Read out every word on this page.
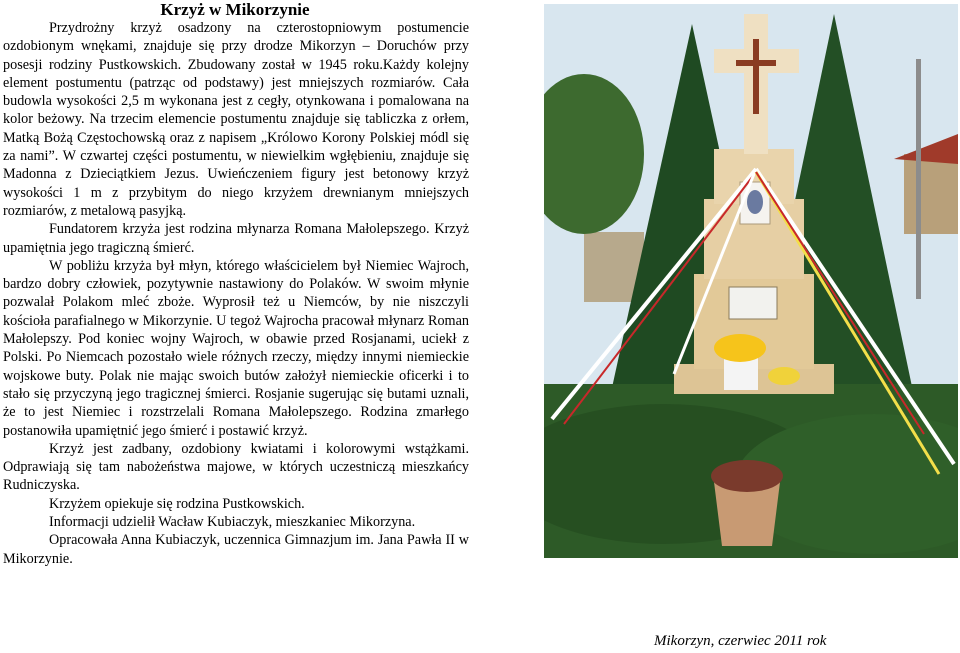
Krzyż w Mikorzynie

Przydrożny krzyż osadzony na czterostopniowym postumencie ozdobionym wnękami, znajduje się przy drodze Mikorzyn – Doruchów przy posesji rodziny Pustkowskich. Zbudowany został w 1945 roku.Każdy kolejny element postumentu (patrząc od podstawy) jest mniejszych rozmiarów. Cała budowla wysokości 2,5 m wykonana jest z cegły, otynkowana i pomalowana na kolor beżowy. Na trzecim elemencie postumentu znajduje się tabliczka z orłem, Matką Bożą Częstochowską oraz z napisem „Królowo Korony Polskiej módl się za nami”. W czwartej części postumentu, w niewielkim wgłębieniu, znajduje się Madonna z Dzieciątkiem Jezus. Uwieńczeniem figury jest betonowy krzyż wysokości 1 m z przybitym do niego krzyżem drewnianym mniejszych rozmiarów, z metalową pasyjką.

Fundatorem krzyża jest rodzina młynarza Romana Małolepszego. Krzyż upamiętnia jego tragiczną śmierć.

W pobliżu krzyża był młyn, którego właścicielem był Niemiec Wajroch, bardzo dobry człowiek, pozytywnie nastawiony do Polaków. W swoim młynie pozwalał Polakom mleć zboże. Wyprosił też u Niemców, by nie niszczyli kościoła parafialnego w Mikorzynie. U tegoż Wajrocha pracował młynarz Roman Małolepszy. Pod koniec wojny Wajroch, w obawie przed Rosjanami, uciekł z Polski. Po Niemcach pozostało wiele różnych rzeczy, między innymi niemieckie wojskowe buty. Polak nie mając swoich butów założył niemieckie oficerki i to stało się przyczyną jego tragicznej śmierci. Rosjanie sugerując się butami uznali, że to jest Niemiec i rozstrzelali Romana Małolepszego. Rodzina zmarłego postanowiła upamiętnić jego śmierć i postawić krzyż.

Krzyż jest zadbany, ozdobiony kwiatami i kolorowymi wstążkami. Odprawiają się tam nabożeństwa majowe, w których uczestniczą mieszkańcy Rudniczyska.

Krzyżem opiekuje się rodzina Pustkowskich.

Informacji udzielił Wacław Kubiaczyk, mieszkaniec Mikorzyna.

Opracowała Anna Kubiaczyk, uczennica Gimnazjum im. Jana Pawła II w Mikorzynie.

Mikorzyn, czerwiec 2011 rok
